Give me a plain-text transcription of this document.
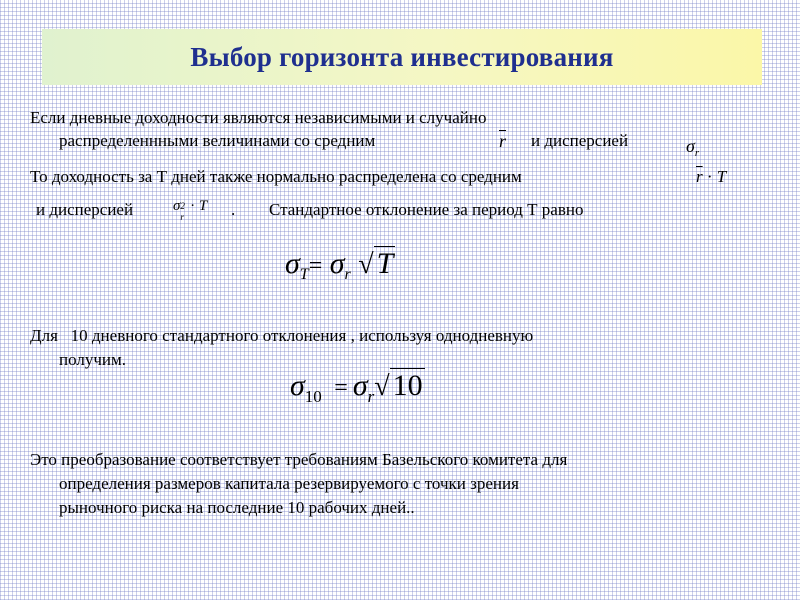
Выбор горизонта инвестирования
Если дневные доходности являются независимыми и случайно
распределеннными величинами со средним	$\overline{r}$ и дисперсией	$\sigma_r$
То доходность за Т дней также нормально распределена со средним	$\overline{r} \cdot T$
и дисперсией	σ 2
r
· T . Стандартное отклонение за период Т равно
$\sigma_T= \sigma_r$ √ T
Для   10 дневного стандартного отклонения , используя однодневную
получим.
$\sigma_{10} = \sigma_r√$ 10
Это преобразование соответствует требованиям Базельского комитета для
определения размеров капитала резервируемого с точки зрения
рыночного риска на последние 10 рабочих дней..
